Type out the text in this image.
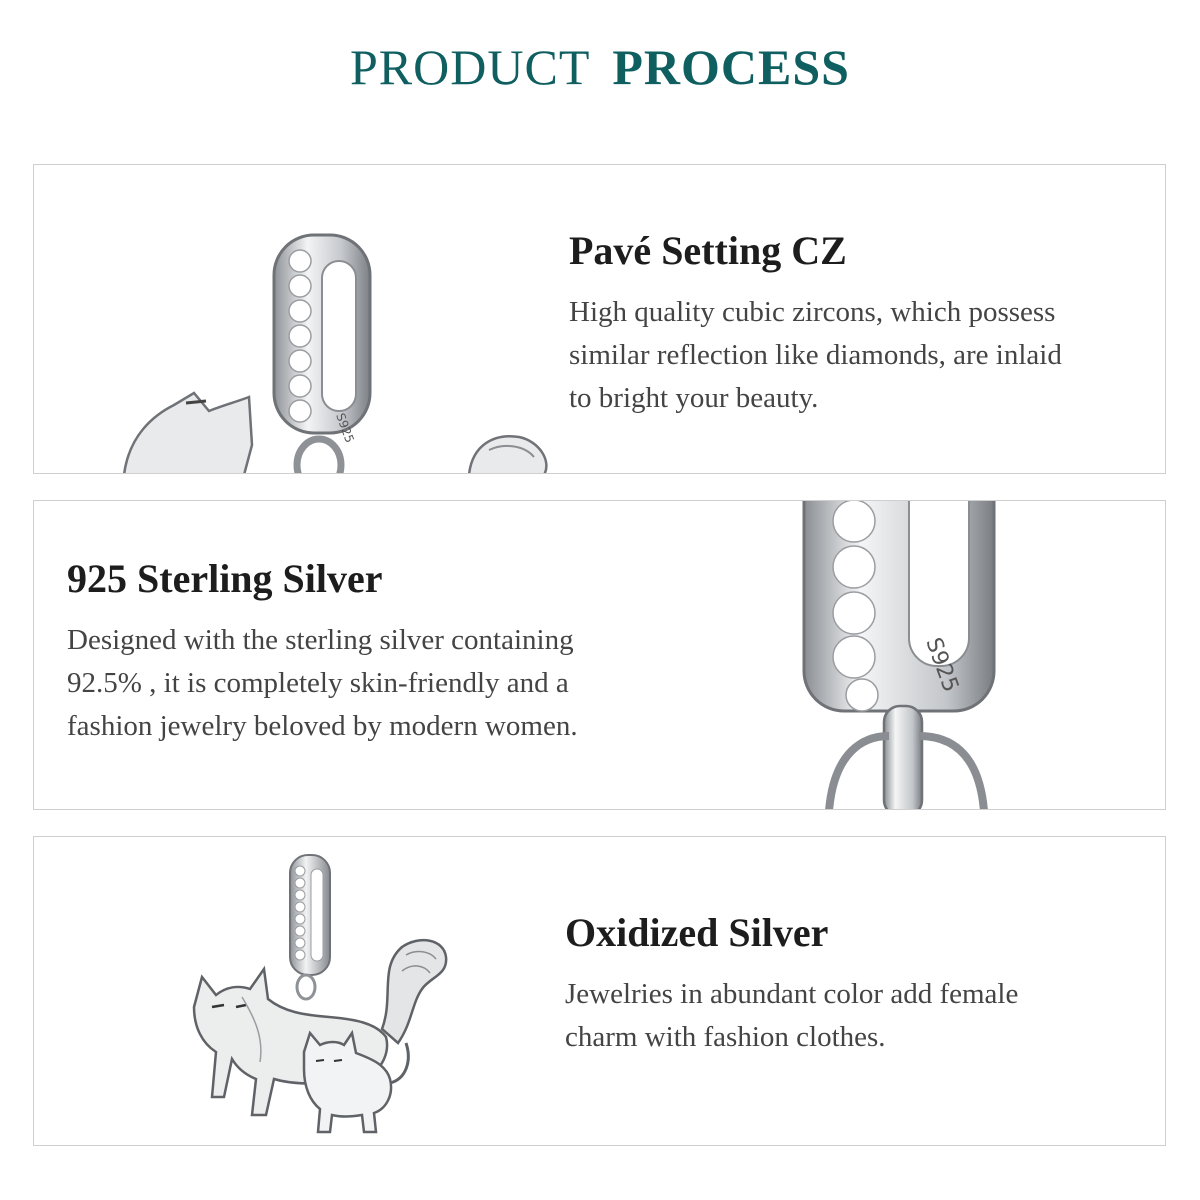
PRODUCT PROCESS
S925
Pavé Setting CZ

High quality cubic zircons, which possess
similar reflection like diamonds, are inlaid
to bright your beauty.

925 Sterling Silver

Designed with the sterling silver containing
92.5% , it is completely skin-friendly and a
fashion jewelry beloved by modern women.

S925
Oxidized Silver

Jewelries in abundant color add female
charm with fashion clothes.
